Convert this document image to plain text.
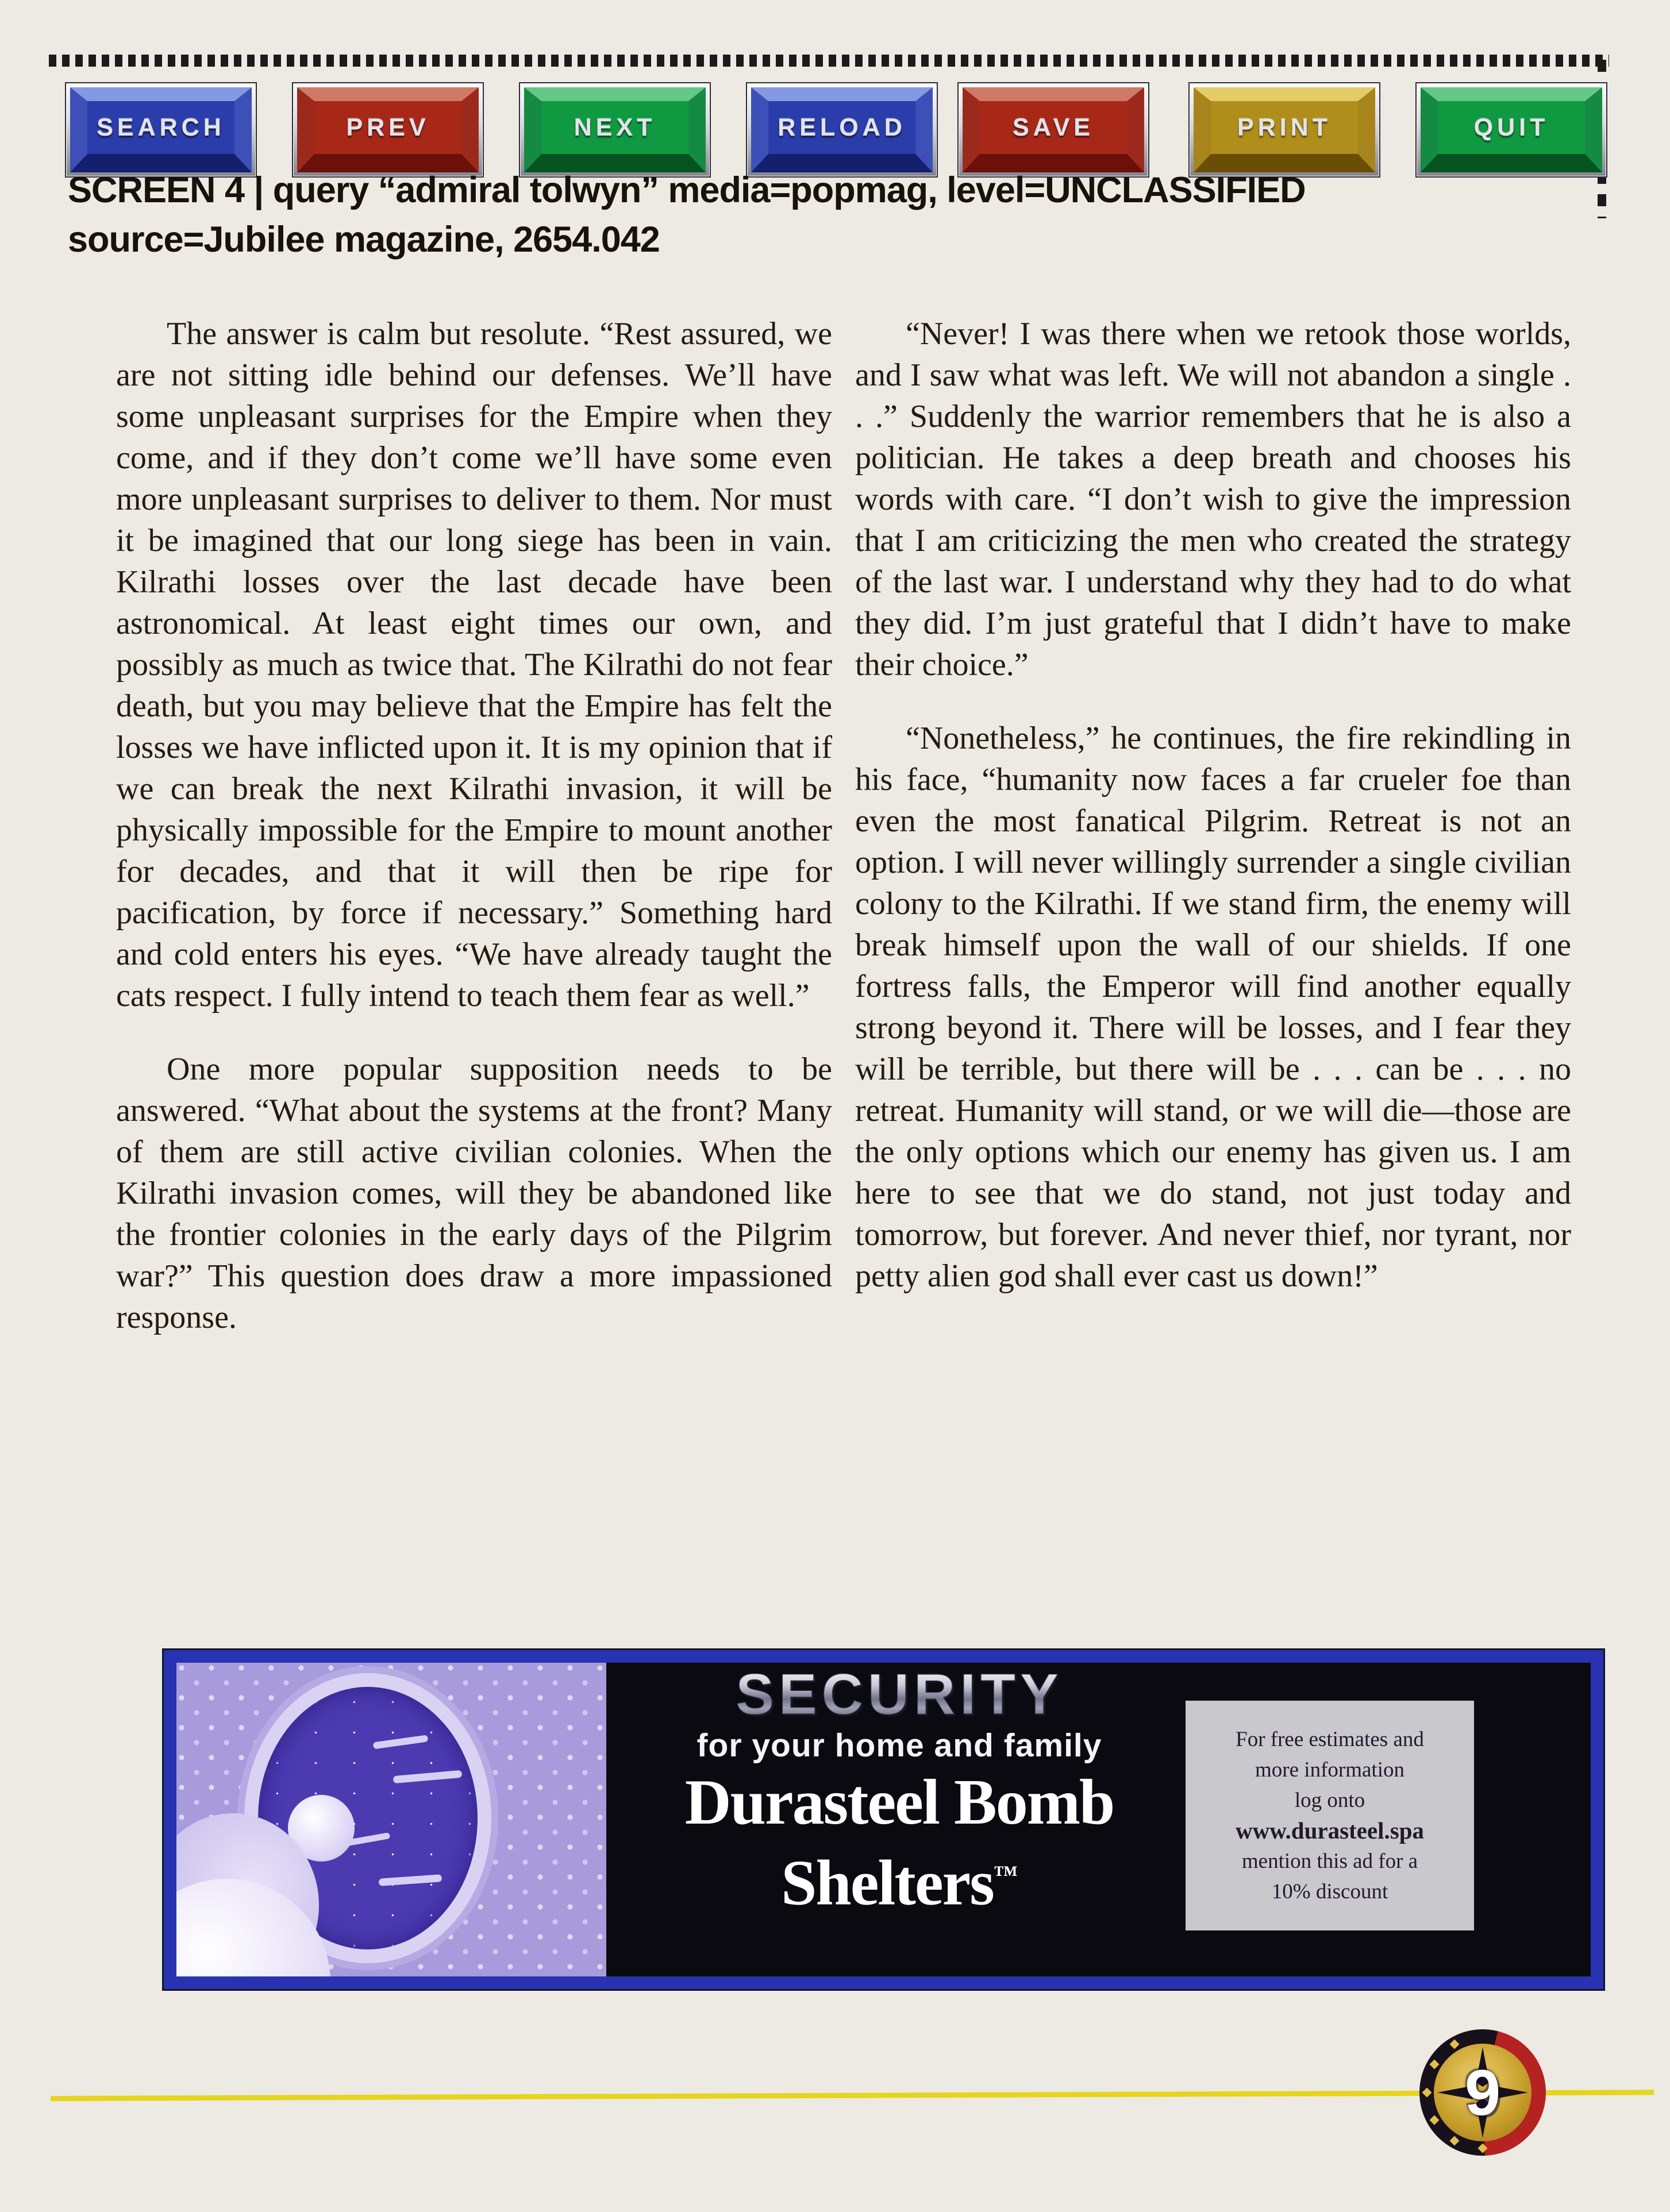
SEARCH	PREV	NEXT	RELOAD	SAVE	PRINT	QUIT
SCREEN 4 | query “admiral tolwyn” media=popmag, level=UNCLASSIFIED
source=Jubilee magazine, 2654.042

The answer is calm but resolute. “Rest assured, we are not sitting idle behind our defenses. We’ll have some unpleasant surprises for the Empire when they come, and if they don’t come we’ll have some even more unpleasant surprises to deliver to them. Nor must it be imagined that our long siege has been in vain. Kilrathi losses over the last decade have been astronomical. At least eight times our own, and possibly as much as twice that. The Kilrathi do not fear death, but you may believe that the Empire has felt the losses we have inflicted upon it. It is my opinion that if we can break the next Kilrathi invasion, it will be physically impossible for the Empire to mount another for decades, and that it will then be ripe for pacification, by force if necessary.” Something hard and cold enters his eyes. “We have already taught the cats respect. I fully intend to teach them fear as well.”

One more popular supposition needs to be answered. “What about the systems at the front? Many of them are still active civilian colonies. When the Kilrathi invasion comes, will they be abandoned like the frontier colonies in the early days of the Pilgrim war?” This question does draw a more impassioned response.

“Never! I was there when we retook those worlds, and I saw what was left. We will not abandon a single . . .” Suddenly the warrior remembers that he is also a politician. He takes a deep breath and chooses his words with care. “I don’t wish to give the impression that I am criticizing the men who created the strategy of the last war. I understand why they had to do what they did. I’m just grateful that I didn’t have to make their choice.”

“Nonetheless,” he continues, the fire rekindling in his face, “humanity now faces a far crueler foe than even the most fanatical Pilgrim. Retreat is not an option. I will never willingly surrender a single civilian colony to the Kilrathi. If we stand firm, the enemy will break himself upon the wall of our shields. If one fortress falls, the Emperor will find another equally strong beyond it. There will be losses, and I fear they will be terrible, but there will be . . . can be . . . no retreat. Humanity will stand, or we will die—those are the only options which our enemy has given us. I am here to see that we do stand, not just today and tomorrow, but forever. And never thief, nor tyrant, nor petty alien god shall ever cast us down!”

SECURITY
for your home and family
Durasteel Bomb
Shelters™
For free estimates and
more information
log onto
www.durasteel.spa
mention this ad for a
10% discount
9
